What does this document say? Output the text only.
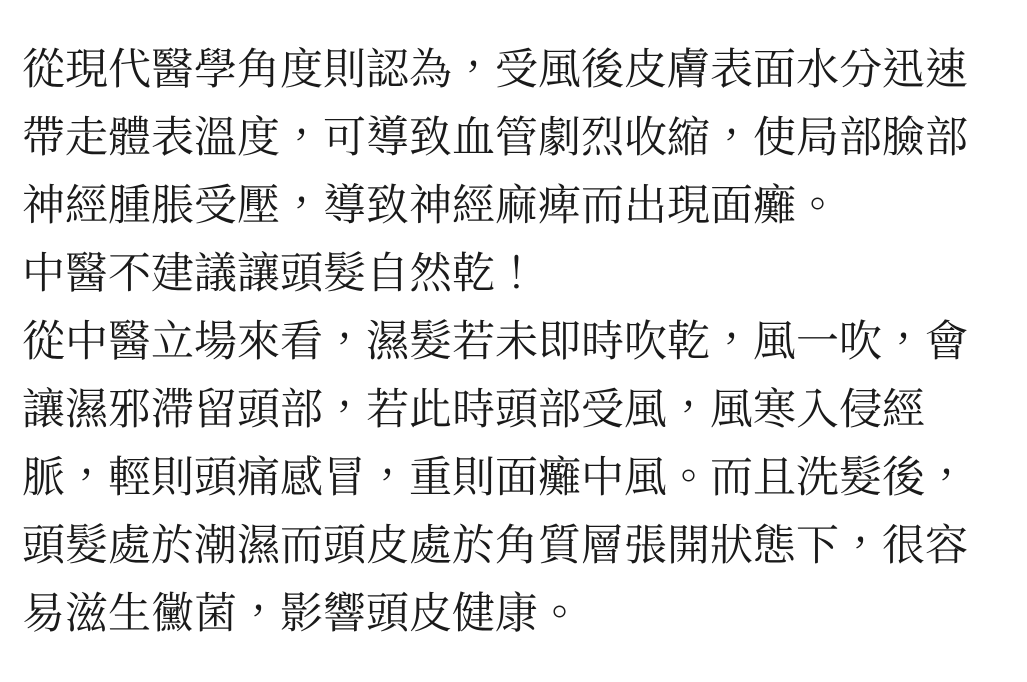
從現代醫學角度則認為，受風後皮膚表面水分迅速帶走體表溫度，可導致血管劇烈收縮，使局部臉部神經腫脹受壓，導致神經麻痺而出現面癱。

中醫不建議讓頭髮自然乾！

從中醫立場來看，濕髮若未即時吹乾，風一吹，會讓濕邪滯留頭部，若此時頭部受風，風寒入侵經脈，輕則頭痛感冒，重則面癱中風。而且洗髮後，頭髮處於潮濕而頭皮處於角質層張開狀態下，很容易滋生黴菌，影響頭皮健康。
